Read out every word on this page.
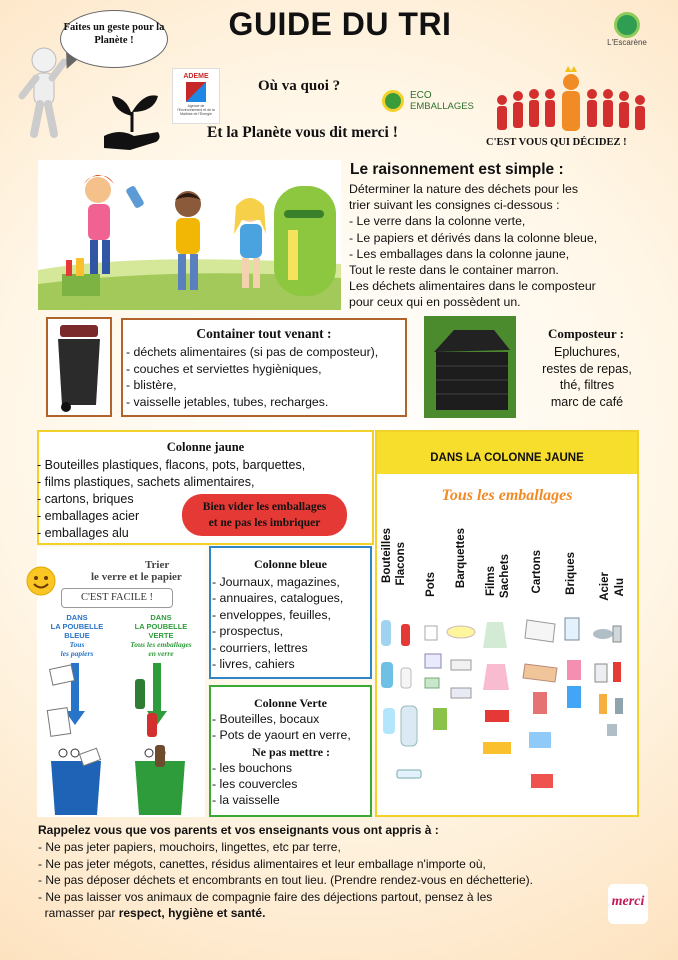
GUIDE DU TRI
Faites un geste pour la Planète !
ADEME
Agence de l'Environnement et de la Maîtrise de l'Énergie
Où va quoi ?
Et la Planète vous dit merci !
ECO
EMBALLAGES
L'Escarène
C'EST VOUS QUI DÉCIDEZ !
Le raisonnement est simple :
Déterminer la nature des déchets pour les
trier suivant les consignes ci-dessous :
- Le verre dans la colonne verte,
- Le papiers et dérivés dans la colonne bleue,
- Les emballages dans la colonne jaune,
Tout le reste dans le container marron.
Les déchets alimentaires dans le composteur
pour ceux qui en possèdent un.
Container tout venant :
- déchets alimentaires (si pas de composteur),
- couches et serviettes hygièniques,
- blistère,
- vaisselle jetables, tubes, recharges.
Composteur :
Epluchures,
restes de repas,
thé, filtres
marc de café
Colonne jaune
- Bouteilles plastiques, flacons, pots, barquettes,
- films plastiques, sachets alimentaires,
- cartons, briques
- emballages acier
- emballages alu
Bien vider les emballages
et ne pas les imbriquer
DANS LA COLONNE JAUNE
Tous les emballages
Bouteilles Flacons Pots Barquettes Films Sachets Cartons Briques Acier Alu
Trier
le verre et le papier
C'EST FACILE !
DANS
LA POUBELLE
BLEUE
Tous
les papiers
DANS
LA POUBELLE
VERTE
Tous les emballages
en verre
Colonne bleue
- Journaux, magazines,
- annuaires, catalogues,
- enveloppes, feuilles,
- prospectus,
- courriers, lettres
- livres, cahiers
Colonne Verte
- Bouteilles, bocaux
- Pots de yaourt en verre,
Ne pas mettre :
- les bouchons
- les couvercles
- la vaisselle
Rappelez vous que vos parents et vos enseignants vous ont appris à :
- Ne pas jeter papiers, mouchoirs, lingettes, etc par terre,
- Ne pas jeter mégots, canettes, résidus alimentaires et leur emballage n'importe où,
- Ne pas déposer déchets et encombrants en tout lieu. (Prendre rendez-vous en déchetterie).
- Ne pas laisser vos animaux de compagnie faire des déjections partout, pensez à les
ramasser par respect, hygiène et santé.
merci
